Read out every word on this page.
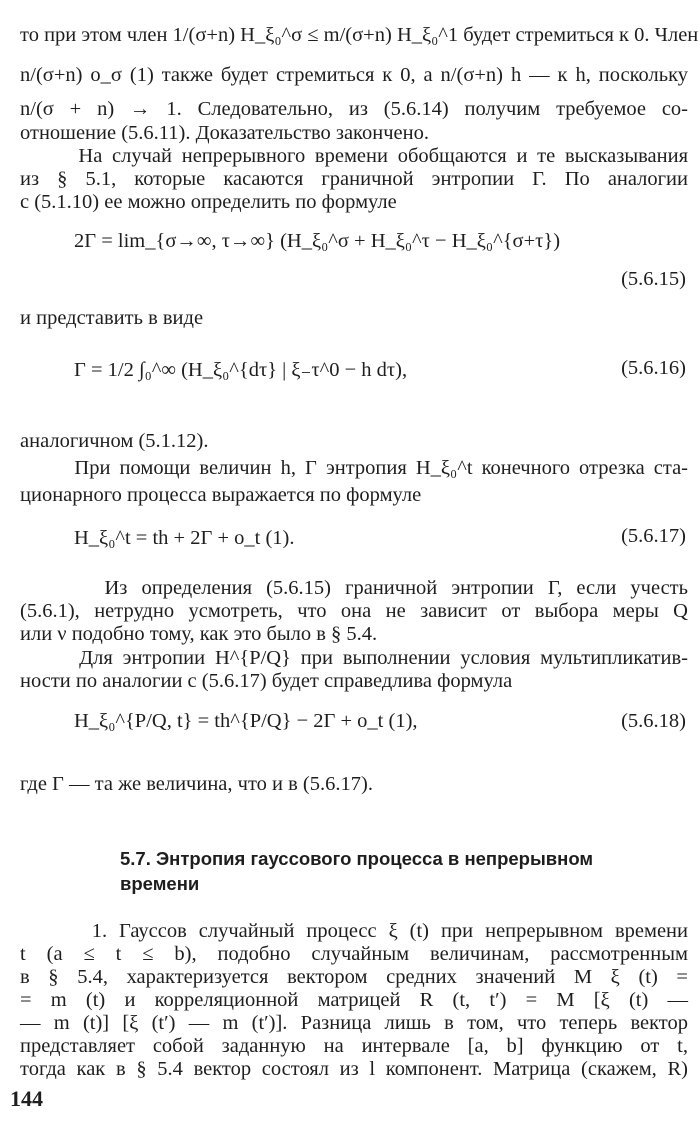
то при этом член 1/(σ+n) H_ξ₀^σ ≤ m/(σ+n) H_ξ₀^1 будет стремиться к 0. Член
n/(σ+n) o_σ (1) также будет стремиться к 0, а n/(σ+n) h — к h, поскольку
n/(σ + n) → 1. Следовательно, из (5.6.14) получим требуемое со-
отношение (5.6.11). Доказательство закончено.
На случай непрерывного времени обобщаются и те высказывания
из § 5.1, которые касаются граничной энтропии Γ. По аналогии
с (5.1.10) ее можно определить по формуле
2Γ = lim_{σ→∞, τ→∞} (H_ξ₀^σ + H_ξ₀^τ − H_ξ₀^{σ+τ})
(5.6.15)
и представить в виде
Γ = 1/2 ∫₀^∞ (H_ξ₀^{dτ} | ξ₋τ^0 − h dτ),	(5.6.16)
аналогичном (5.1.12).
При помощи величин h, Γ энтропия H_ξ₀^t конечного отрезка ста-
ционарного процесса выражается по формуле
H_ξ₀^t = th + 2Γ + o_t (1).	(5.6.17)
Из определения (5.6.15) граничной энтропии Γ, если учесть
(5.6.1), нетрудно усмотреть, что она не зависит от выбора меры Q
или ν подобно тому, как это было в § 5.4.
Для энтропии H^{P/Q} при выполнении условия мультипликатив-
ности по аналогии с (5.6.17) будет справедлива формула
H_ξ₀^{P/Q, t} = th^{P/Q} − 2Γ + o_t (1),	(5.6.18)
где Γ — та же величина, что и в (5.6.17).
5.7. Энтропия гауссового процесса в непрерывном
времени
1. Гауссов случайный процесс ξ (t) при непрерывном времени
t (a ≤ t ≤ b), подобно случайным величинам, рассмотренным
в § 5.4, характеризуется вектором средних значений M ξ (t) =
= m (t) и корреляционной матрицей R (t, t′) = M [ξ (t) —
— m (t)] [ξ (t′) — m (t′)]. Разница лишь в том, что теперь вектор
представляет собой заданную на интервале [a, b] функцию от t,
тогда как в § 5.4 вектор состоял из l компонент. Матрица (скажем, R)
144
